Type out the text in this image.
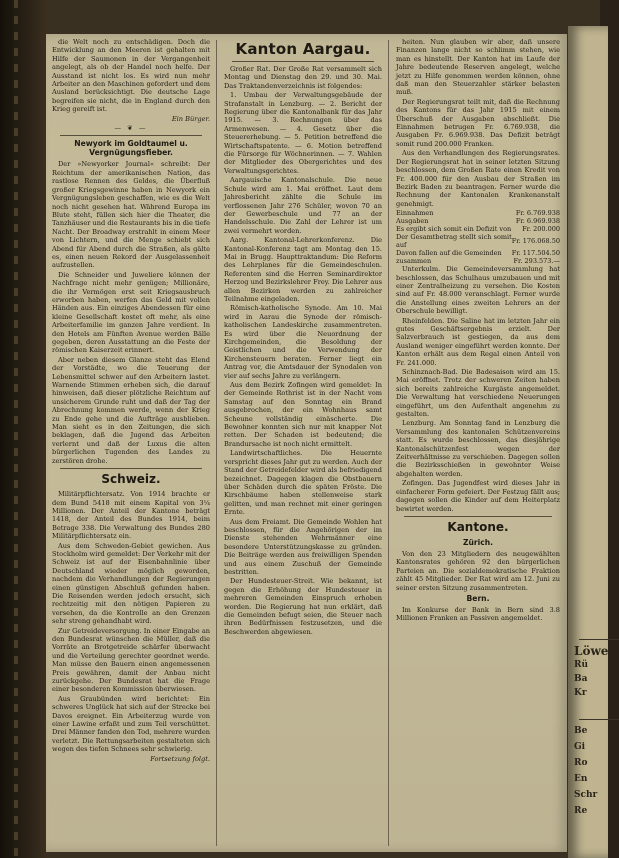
die Welt noch zu entschädigen. Doch die Entwicklung an den Meeren ist gehalten mit Hilfe der Saumonen in der Vergangenheit angelegt, als ob der Handel noch helfe. Der Ausstand ist nicht los. Es wird nun mehr Arbeiter an den Maschinen gefordert und dem Ausland berücksichtigt. Die deutsche Lage begreifen sie nicht, die in England durch den Krieg gereift ist.

Ein Bürger.

— ❦ —
Newyork im Goldtaumel u. Vergnügungsfieber.

Der »Newyorker Journal« schreibt: Der Reichtum der amerikanischen Nation, das rastlose Rennen des Geldes, die Überfluß großer Kriegsgewinne haben in Newyork ein Vergnügungsleben geschaffen, wie es die Welt noch nicht gesehen hat. Während Europa im Blute steht, füllen sich hier die Theater, die Tanzhäuser und die Restaurants bis in die tiefe Nacht. Der Broadway erstrahlt in einem Meer von Lichtern, und die Menge schiebt sich Abend für Abend durch die Straßen, als gälte es, einen neuen Rekord der Ausgelassenheit aufzustellen.

Die Schneider und Juweliere können der Nachfrage nicht mehr genügen; Millionäre, die ihr Vermögen erst seit Kriegsausbruch erworben haben, werfen das Geld mit vollen Händen aus. Ein einziges Abendessen für eine kleine Gesellschaft kostet oft mehr, als eine Arbeiterfamilie im ganzen Jahre verdient. In den Hotels am Fünften Avenue werden Bälle gegeben, deren Ausstattung an die Feste der römischen Kaiserzeit erinnert.

Aber neben diesem Glanze steht das Elend der Vorstädte, wo die Teuerung der Lebensmittel schwer auf den Arbeitern lastet. Warnende Stimmen erheben sich, die darauf hinweisen, daß dieser plötzliche Reichtum auf unsicherem Grunde ruht und daß der Tag der Abrechnung kommen werde, wenn der Krieg zu Ende gehe und die Aufträge ausblieben. Man sieht es in den Zeitungen, die sich beklagen, daß die Jugend das Arbeiten verlernt und daß der Luxus die alten bürgerlichen Tugenden des Landes zu zerstören drohe.

Schweiz.

Militärpflichtersatz. Von 1914 brachte er dem Bund 5418 mit einem Kapital von 3¼ Millionen. Der Anteil der Kantone beträgt 1418, der Anteil des Bundes 1914, beim Betrage 338. Die Verwaltung des Bundes 280 Militärpflichtersatz ein.

Aus dem Schweden-Gebiet gewichen. Aus Stockholm wird gemeldet: Der Verkehr mit der Schweiz ist auf der Eisenbahnlinie über Deutschland wieder möglich geworden, nachdem die Verhandlungen der Regierungen einen günstigen Abschluß gefunden haben. Die Reisenden werden jedoch ersucht, sich rechtzeitig mit den nötigen Papieren zu versehen, da die Kontrolle an den Grenzen sehr streng gehandhabt wird.

Zur Getreideversorgung. In einer Eingabe an den Bundesrat wünschen die Müller, daß die Vorräte an Brotgetreide schärfer überwacht und die Verteilung gerechter geordnet werde. Man müsse den Bauern einen angemessenen Preis gewähren, damit der Anbau nicht zurückgehe. Der Bundesrat hat die Frage einer besonderen Kommission überwiesen.

Aus Graubünden wird berichtet: Ein schweres Unglück hat sich auf der Strecke bei Davos ereignet. Ein Arbeiterzug wurde von einer Lawine erfaßt und zum Teil verschüttet. Drei Männer fanden den Tod, mehrere wurden verletzt. Die Rettungsarbeiten gestalteten sich wegen des tiefen Schnees sehr schwierig.

Fortsetzung folgt.

Kanton Aargau.

Großer Rat. Der Große Rat versammelt sich Montag und Dienstag den 29. und 30. Mai. Das Traktandenverzeichnis ist folgendes:

1. Umbau der Verwaltungsgebäude der Strafanstalt in Lenzburg. — 2. Bericht der Regierung über die Kantonalbank für das Jahr 1915. — 3. Rechnungen über das Armenwesen. — 4. Gesetz über die Steuererhebung. — 5. Petition betreffend die Wirtschaftspatente. — 6. Motion betreffend die Fürsorge für Wöchnerinnen. — 7. Wahlen der Mitglieder des Obergerichtes und des Verwaltungsgerichtes.

Aargauische Kantonalschule. Die neue Schule wird am 1. Mai eröffnet. Laut dem Jahresbericht zählte die Schule im verflossenen Jahr 276 Schüler, wovon 70 an der Gewerbeschule und 77 an der Handelsschule. Die Zahl der Lehrer ist um zwei vermehrt worden.

Aarg. Kantonal-Lehrerkonferenz. Die Kantonal-Konferenz tagt am Montag den 15. Mai in Brugg. Haupttraktandum: Die Reform des Lehrplanes für die Gemeindeschulen. Referenten sind die Herren Seminardirektor Herzog und Bezirkslehrer Frey. Die Lehrer aus allen Bezirken werden zu zahlreicher Teilnahme eingeladen.

Römisch-katholische Synode. Am 10. Mai wird in Aarau die Synode der römisch-katholischen Landeskirche zusammentreten. Es wird über die Neuordnung der Kirchgemeinden, die Besoldung der Geistlichen und die Verwendung der Kirchensteuern beraten. Ferner liegt ein Antrag vor, die Amtsdauer der Synodalen von vier auf sechs Jahre zu verlängern.

Aus dem Bezirk Zofingen wird gemeldet: In der Gemeinde Rothrist ist in der Nacht vom Samstag auf den Sonntag ein Brand ausgebrochen, der ein Wohnhaus samt Scheune vollständig einäscherte. Die Bewohner konnten sich nur mit knapper Not retten. Der Schaden ist bedeutend; die Brandursache ist noch nicht ermittelt.

Landwirtschaftliches. Die Heuernte verspricht dieses Jahr gut zu werden. Auch der Stand der Getreidefelder wird als befriedigend bezeichnet. Dagegen klagen die Obstbauern über Schäden durch die späten Fröste. Die Kirschbäume haben stellenweise stark gelitten, und man rechnet mit einer geringen Ernte.

Aus dem Freiamt. Die Gemeinde Wohlen hat beschlossen, für die Angehörigen der im Dienste stehenden Wehrmänner eine besondere Unterstützungskasse zu gründen. Die Beiträge werden aus freiwilligen Spenden und aus einem Zuschuß der Gemeinde bestritten.

Der Hundesteuer-Streit. Wie bekannt, ist gegen die Erhöhung der Hundesteuer in mehreren Gemeinden Einspruch erhoben worden. Die Regierung hat nun erklärt, daß die Gemeinden befugt seien, die Steuer nach ihren Bedürfnissen festzusetzen, und die Beschwerden abgewiesen.

heiten. Nun glauben wir aber, daß unsere Finanzen lange nicht so schlimm stehen, wie man es hinstellt. Der Kanton hat im Laufe der Jahre bedeutende Reserven angelegt, welche jetzt zu Hilfe genommen werden können, ohne daß man den Steuerzahler stärker belasten muß.

Der Regierungsrat teilt mit, daß die Rechnung des Kantons für das Jahr 1915 mit einem Überschuß der Ausgaben abschließt. Die Einnahmen betrugen Fr. 6.769.938, die Ausgaben Fr. 6.969.938. Das Defizit beträgt somit rund 200.000 Franken.

Aus den Verhandlungen des Regierungsrates. Der Regierungsrat hat in seiner letzten Sitzung beschlossen, dem Großen Rate einen Kredit von Fr. 400.000 für den Ausbau der Straßen im Bezirk Baden zu beantragen. Ferner wurde die Rechnung der Kantonalen Krankenanstalt genehmigt.

Einnahmen	Fr. 6.769.938
Ausgaben	Fr. 6.969.938
Es ergibt sich somit ein Defizit von	Fr. 200.000
Der Gesamtbetrag stellt sich somit auf	Fr. 176.068.50
Davon fallen auf die Gemeinden	Fr. 117.504.50
zusammen	Fr. 293.573.—

Unterkulm. Die Gemeindeversammlung hat beschlossen, das Schulhaus umzubauen und mit einer Zentralheizung zu versehen. Die Kosten sind auf Fr. 48.000 veranschlagt. Ferner wurde die Anstellung eines zweiten Lehrers an der Oberschule bewilligt.

Rheinfelden. Die Saline hat im letzten Jahr ein gutes Geschäftsergebnis erzielt. Der Salzverbrauch ist gestiegen, da aus dem Ausland weniger eingeführt werden konnte. Der Kanton erhält aus dem Regal einen Anteil von Fr. 241.000.

Schinznach-Bad. Die Badesaison wird am 15. Mai eröffnet. Trotz der schweren Zeiten haben sich bereits zahlreiche Kurgäste angemeldet. Die Verwaltung hat verschiedene Neuerungen eingeführt, um den Aufenthalt angenehm zu gestalten.

Lenzburg. Am Sonntag fand in Lenzburg die Versammlung des kantonalen Schützenvereins statt. Es wurde beschlossen, das diesjährige Kantonalschützenfest wegen der Zeitverhältnisse zu verschieben. Dagegen sollen die Bezirksschießen in gewohnter Weise abgehalten werden.

Zofingen. Das Jugendfest wird dieses Jahr in einfacherer Form gefeiert. Der Festzug fällt aus; dagegen sollen die Kinder auf dem Heiterplatz bewirtet werden.

Kantone.
Zürich.

Von den 23 Mitgliedern des neugewählten Kantonsrates gehören 92 den bürgerlichen Parteien an. Die sozialdemokratische Fraktion zählt 45 Mitglieder. Der Rat wird am 12. Juni zu seiner ersten Sitzung zusammentreten.

Bern.

Im Konkurse der Bank in Bern sind 3.8 Millionen Franken an Passiven angemeldet.

Löwe
Rü
Ba
Kr
Be
Gi
Ro
En
Schr
Re
